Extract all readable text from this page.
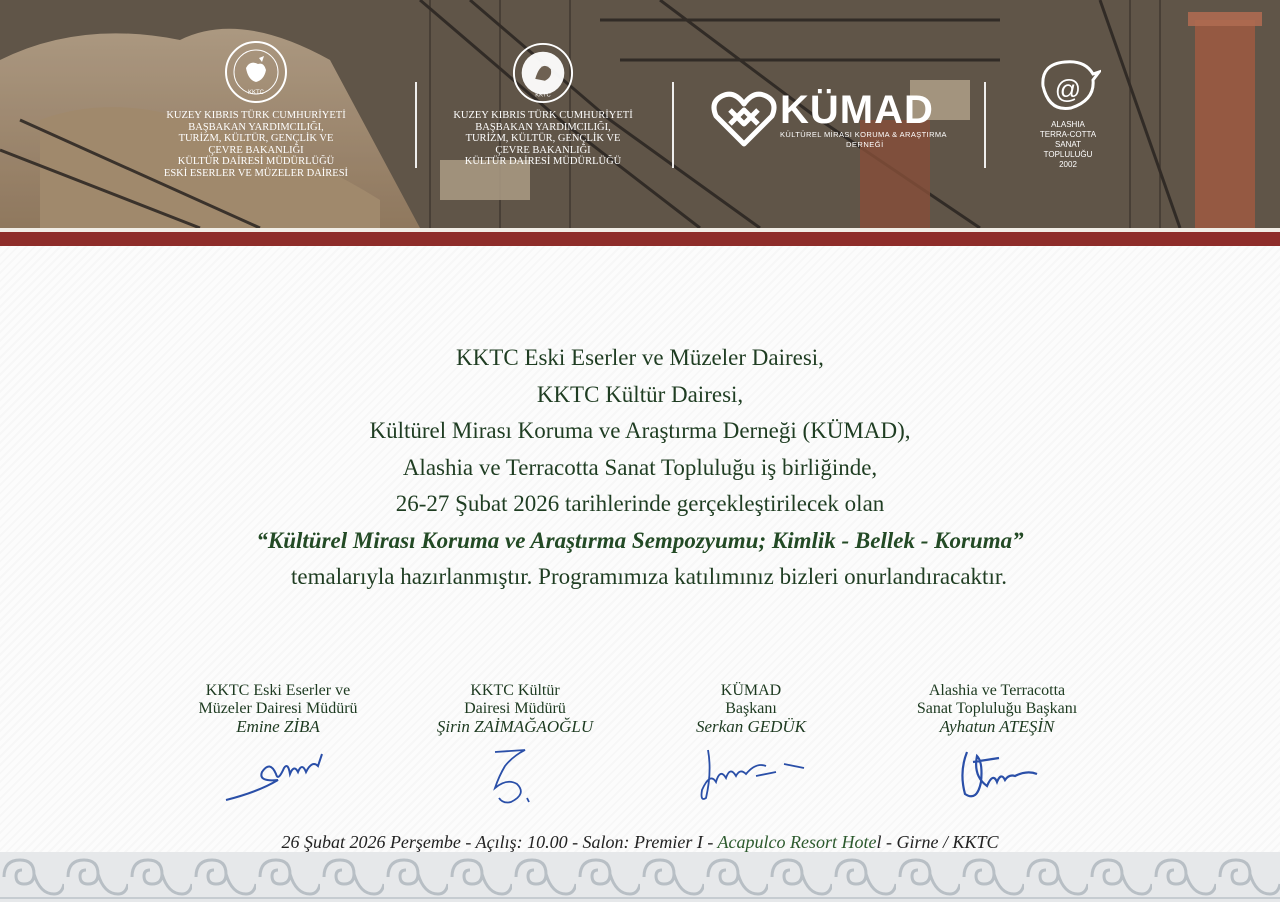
KKTC
KUZEY KIBRIS TÜRK CUMHURİYETİ
BAŞBAKAN YARDIMCILIĞI,
TURİZM, KÜLTÜR, GENÇLİK VE
ÇEVRE BAKANLIĞI
KÜLTÜR DAİRESİ MÜDÜRLÜĞÜ
ESKİ ESERLER VE MÜZELER DAİRESİ
KKTC
KUZEY KIBRIS TÜRK CUMHURİYETİ
BAŞBAKAN YARDIMCILIĞI,
TURİZM, KÜLTÜR, GENÇLİK VE
ÇEVRE BAKANLIĞI
KÜLTÜR DAİRESİ MÜDÜRLÜĞÜ
KÜMAD
KÜLTÜREL MİRASI KORUMA & ARAŞTIRMA
DERNEĞİ
@
ALASHIA
TERRA-COTTA
SANAT
TOPLULUĞU
2002
KKTC Eski Eserler ve Müzeler Dairesi,
KKTC Kültür Dairesi,
Kültürel Mirası Koruma ve Araştırma Derneği (KÜMAD),
Alashia ve Terracotta Sanat Topluluğu iş birliğinde,
26-27 Şubat 2026 tarihlerinde gerçekleştirilecek olan
“Kültürel Mirası Koruma ve Araştırma Sempozyumu; Kimlik - Bellek - Koruma”
temalarıyla hazırlanmıştır. Programımıza katılımınız bizleri onurlandıracaktır.
KKTC Eski Eserler ve
Müzeler Dairesi Müdürü
Emine ZİBA
KKTC Kültür
Dairesi Müdürü
Şirin ZAİMAĞAOĞLU
KÜMAD
Başkanı
Serkan GEDÜK
Alashia ve Terracotta
Sanat Topluluğu Başkanı
Ayhatun ATEŞİN
26 Şubat 2026 Perşembe - Açılış: 10.00 - Salon: Premier I - Acapulco Resort Hotel - Girne / KKTC
